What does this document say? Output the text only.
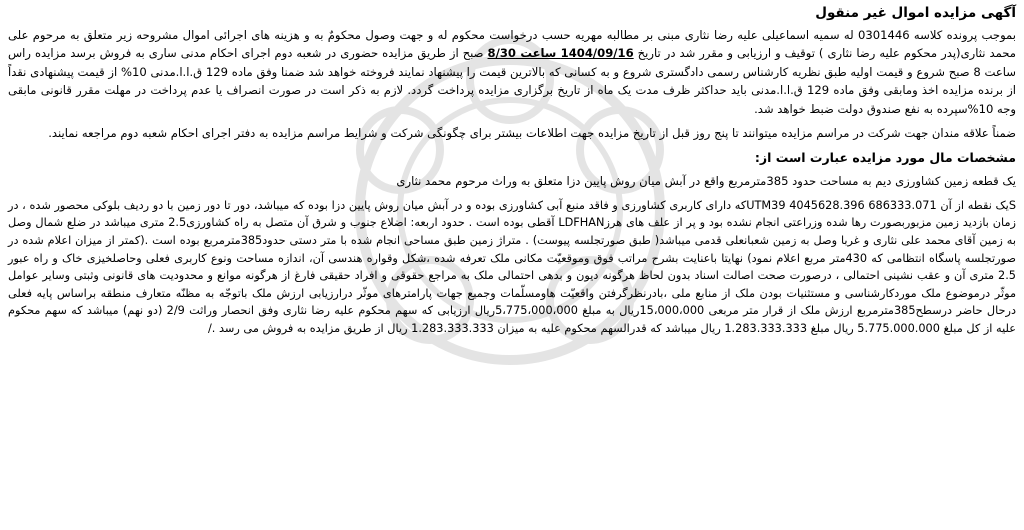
آگهی مزایده اموال غیر منقول

بموجب پرونده کلاسه 0301446 له سمیه اسماعیلی علیه رضا نثاری مبنی بر مطالبه مهریه حسب درخواست محکوم له و جهت وصول محکومٌ به و هزینه های اجرائی اموال مشروحه زیر متعلق به مرحوم علی محمد نثاری(پدر محکوم علیه رضا نثاری ) توقیف و ارزیابی و مقرر شد در تاریخ 1404/09/16 ساعت 8/30 صبح از طریق مزایده حضوری در شعبه دوم اجرای احکام مدنی ساری به فروش برسد مزایده راس ساعت 8 صبح شروع و قیمت اولیه طبق نظریه کارشناس رسمی دادگستری شروع و به کسانی که بالاترین قیمت را پیشنهاد نمایند فروخته خواهد شد ضمنا وفق ماده 129 ق.ا.ا.مدنی 10% از قیمت پیشنهادی نقداً از برنده مزایده اخذ ومابقی وفق ماده 129 ق.ا.ا.مدنی باید حداکثر ظرف مدت یک ماه از تاریخ برگزاری مزایده پرداخت گردد. لازم به ذکر است در صورت انصراف یا عدم پرداخت در مهلت مقرر قانونی مابقی وجه 10%سپرده به نفع صندوق دولت ضبط خواهد شد.

ضمناً علاقه مندان جهت شرکت در مراسم مزایده میتوانند تا پنج روز قبل از تاریخ مزایده جهت اطلاعات بیشتر برای چگونگی شرکت و شرایط مراسم مزایده به دفتر اجرای احکام شعبه دوم مراجعه نمایند.

مشخصات مال مورد مزایده عبارت است از:
یک قطعه زمین کشاورزی دیم به مساحت حدود 385مترمربع واقع در آبش میان روش پایین دزا متعلق به وراث مرحوم محمد نثاری

Sیک نقطه از آن 686333.071 UTM39 4045628.396که دارای کاربری کشاورزی و فاقد منبع آبی کشاورزی بوده و در آبش میان روش پایین دزا بوده که میباشد، دور تا دور زمین با دو ردیف بلوکی محصور شده ، در زمان بازدید زمین مزبوربصورت رها شده وزراعتی انجام نشده بود و پر از علف های هرزLDFHAN آقطی بوده است . حدود اربعه: اضلاع جنوب و شرق آن متصل به راه کشاورزی2.5 متری میباشد در ضلع شمال وصل به زمین آقای محمد علی نثاری و غربا وصل به زمین شعبانعلی قدمی میباشد( طبق صورتجلسه پیوست) . متراژ زمین طبق مساحی انجام شده با متر دستی حدود385مترمربع بوده است .(کمتر از میزان اعلام شده در صورتجلسه پاسگاه انتظامی که 430متر مربع اعلام نمود) نهایتا باعنایت بشرح مراتب فوق وموقعیّت مکانی ملک تعرفه شده ،شکل وقواره هندسی آن، اندازه مساحت ونوع کاربری فعلی وحاصلخیزی خاک و راه عبور 2.5 متری آن و عقب نشینی احتمالی ، درصورت صحت اصالت اسناد بدون لحاظ هرگونه دیون و بدهی احتمالی ملک به مراجع حقوقی و افراد حقیقی فارغ از هرگونه موانع و محدودیت های قانونی وثبتی وسایر عوامل موثّر درموضوع ملک موردکارشناسی و مستثنیات بودن ملک از منابع ملی ،بادرنظرگرفتن واقعیّت هاومسلّمات وجمیع جهات پارامترهای موثّر درارزیابی ارزش ملک باتوجّه به مظنّه متعارف منطقه براساس پایه فعلی درحال حاضر درسطح385مترمربع ارزش ملک از قرار متر مربعی 15،000،000ریال به مبلغ 5،775،000،000ریال ارزیابی که سهم محکوم علیه رضا نثاری وفق انحصار وراثت 2/9 (دو نهم) میباشد که سهم محکوم علیه از کل مبلغ 5.775.000.000 ریال مبلغ 1.283.333.333 ریال میباشد که قدرالسهم محکوم علیه به میزان 1.283.333.333 ریال از طریق مزایده به فروش می رسد ./
